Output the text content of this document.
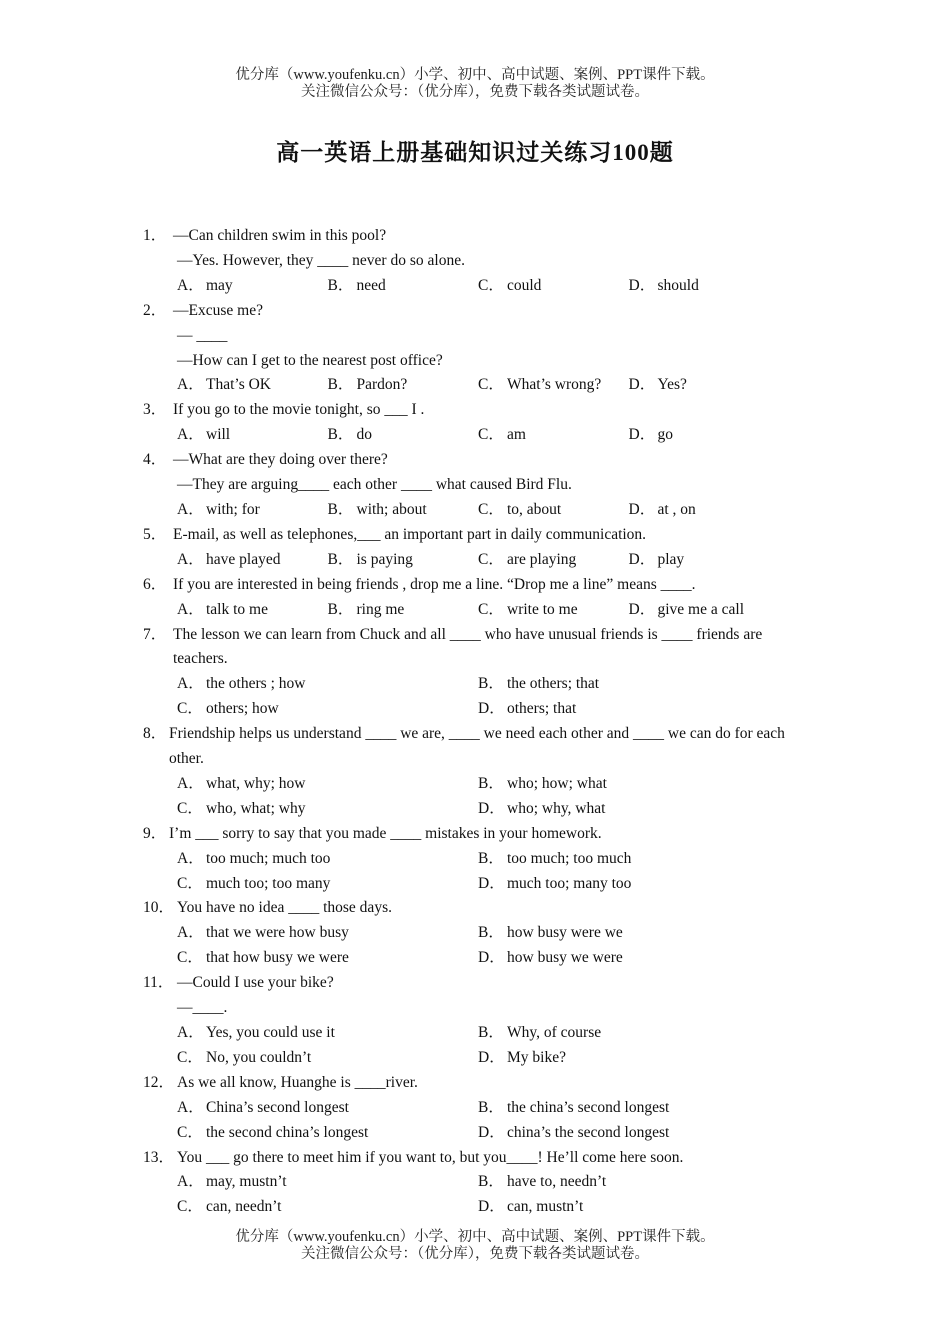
优分库（www.youfenku.cn）小学、初中、高中试题、案例、PPT课件下载。
关注微信公众号：（优分库），免费下载各类试题试卷。
高一英语上册基础知识过关练习100题
1． —Can children swim in this pool?
—Yes. However, they ____ never do so alone.
A． may	B． need	C． could	D． should
2． —Excuse me?
— ____
—How can I get to the nearest post office?
A． That’s OK	B． Pardon?	C． What’s wrong?	D． Yes?
3． If you go to the movie tonight, so ___ I .
A． will	B． do	C． am	D． go
4． —What are they doing over there?
—They are arguing____ each other ____ what caused Bird Flu.
A． with; for	B． with; about	C． to, about	D． at , on
5． E-mail, as well as telephones,___ an important part in daily communication.
A． have played	B． is paying	C． are playing	D． play
6． If you are interested in being friends , drop me a line. “Drop me a line” means ____.
A． talk to me	B． ring me	C． write to me	D． give me a call
7． The lesson we can learn from Chuck and all ____ who have unusual friends is ____ friends are teachers.
A． the others ; how	B． the others; that
C． others; how	D． others; that
8． Friendship helps us understand ____ we are, ____ we need each other and ____ we can do for each other.
A． what, why; how	B． who; how; what
C． who, what; why	D． who; why, what
9． I’m ___ sorry to say that you made ____ mistakes in your homework.
A． too much; much too	B． too much; too much
C． much too; too many	D． much too; many too
10． You have no idea ____ those days.
A． that we were how busy	B． how busy were we
C． that how busy we were	D． how busy we were
11． —Could I use your bike?
—____.
A． Yes, you could use it	B． Why, of course
C． No, you couldn’t	D． My bike?
12． As we all know, Huanghe is ____river.
A． China’s second longest	B． the china’s second longest
C． the second china’s longest	D． china’s the second longest
13． You ___ go there to meet him if you want to, but you____! He’ll come here soon.
A． may, mustn’t	B． have to, needn’t
C． can, needn’t	D． can, mustn’t
优分库（www.youfenku.cn）小学、初中、高中试题、案例、PPT课件下载。
关注微信公众号：（优分库），免费下载各类试题试卷。
